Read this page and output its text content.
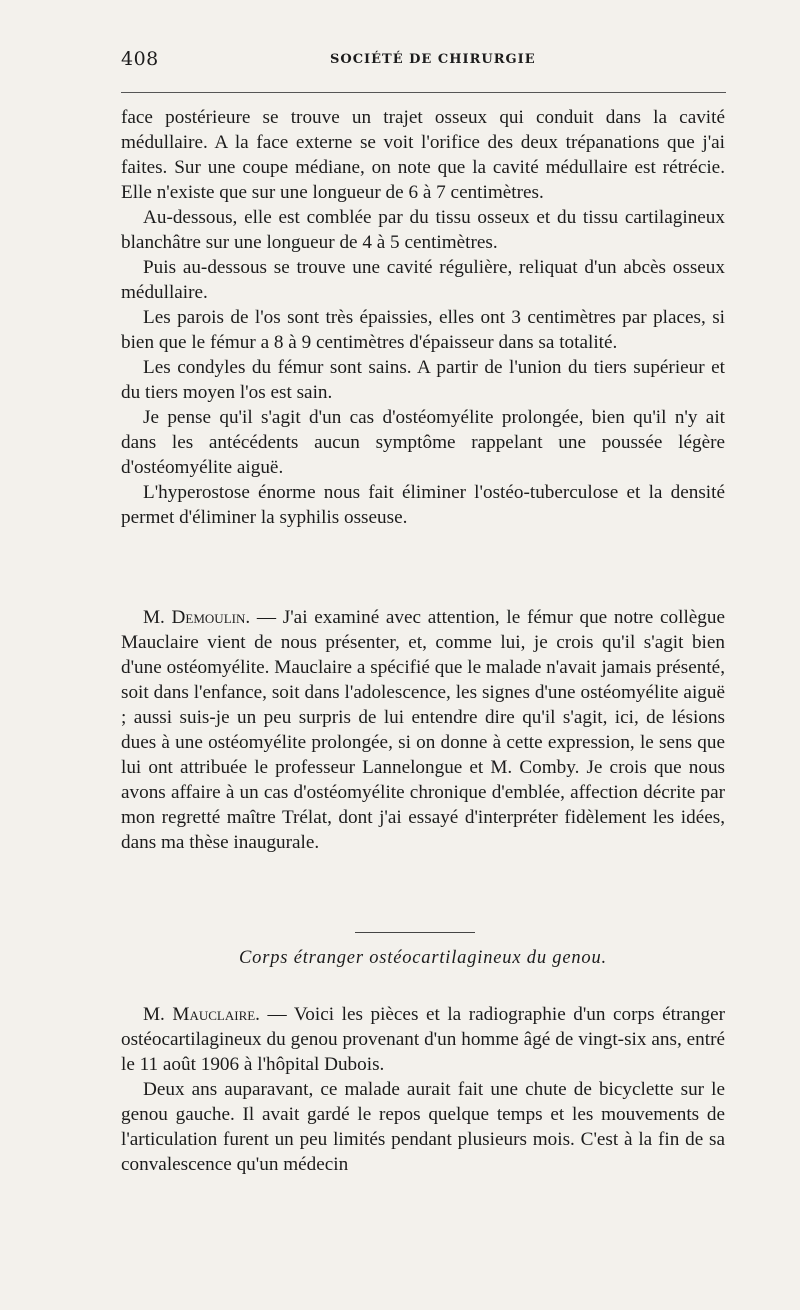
408	SOCIÉTÉ DE CHIRURGIE

face postérieure se trouve un trajet osseux qui conduit dans la cavité médullaire. A la face externe se voit l'orifice des deux trépanations que j'ai faites. Sur une coupe médiane, on note que la cavité médullaire est rétrécie. Elle n'existe que sur une longueur de 6 à 7 centimètres.

Au-dessous, elle est comblée par du tissu osseux et du tissu cartilagineux blanchâtre sur une longueur de 4 à 5 centimètres.

Puis au-dessous se trouve une cavité régulière, reliquat d'un abcès osseux médullaire.

Les parois de l'os sont très épaissies, elles ont 3 centimètres par places, si bien que le fémur a 8 à 9 centimètres d'épaisseur dans sa totalité.

Les condyles du fémur sont sains. A partir de l'union du tiers supérieur et du tiers moyen l'os est sain.

Je pense qu'il s'agit d'un cas d'ostéomyélite prolongée, bien qu'il n'y ait dans les antécédents aucun symptôme rappelant une poussée légère d'ostéomyélite aiguë.

L'hyperostose énorme nous fait éliminer l'ostéo-tuberculose et la densité permet d'éliminer la syphilis osseuse.

M. Demoulin. — J'ai examiné avec attention, le fémur que notre collègue Mauclaire vient de nous présenter, et, comme lui, je crois qu'il s'agit bien d'une ostéomyélite. Mauclaire a spécifié que le malade n'avait jamais présenté, soit dans l'enfance, soit dans l'adolescence, les signes d'une ostéomyélite aiguë ; aussi suis-je un peu surpris de lui entendre dire qu'il s'agit, ici, de lésions dues à une ostéomyélite prolongée, si on donne à cette expression, le sens que lui ont attribuée le professeur Lannelongue et M. Comby. Je crois que nous avons affaire à un cas d'ostéomyélite chronique d'emblée, affection décrite par mon regretté maître Trélat, dont j'ai essayé d'interpréter fidèlement les idées, dans ma thèse inaugurale.

Corps étranger ostéocartilagineux du genou.

M. Mauclaire. — Voici les pièces et la radiographie d'un corps étranger ostéocartilagineux du genou provenant d'un homme âgé de vingt-six ans, entré le 11 août 1906 à l'hôpital Dubois.

Deux ans auparavant, ce malade aurait fait une chute de bicyclette sur le genou gauche. Il avait gardé le repos quelque temps et les mouvements de l'articulation furent un peu limités pendant plusieurs mois. C'est à la fin de sa convalescence qu'un médecin
